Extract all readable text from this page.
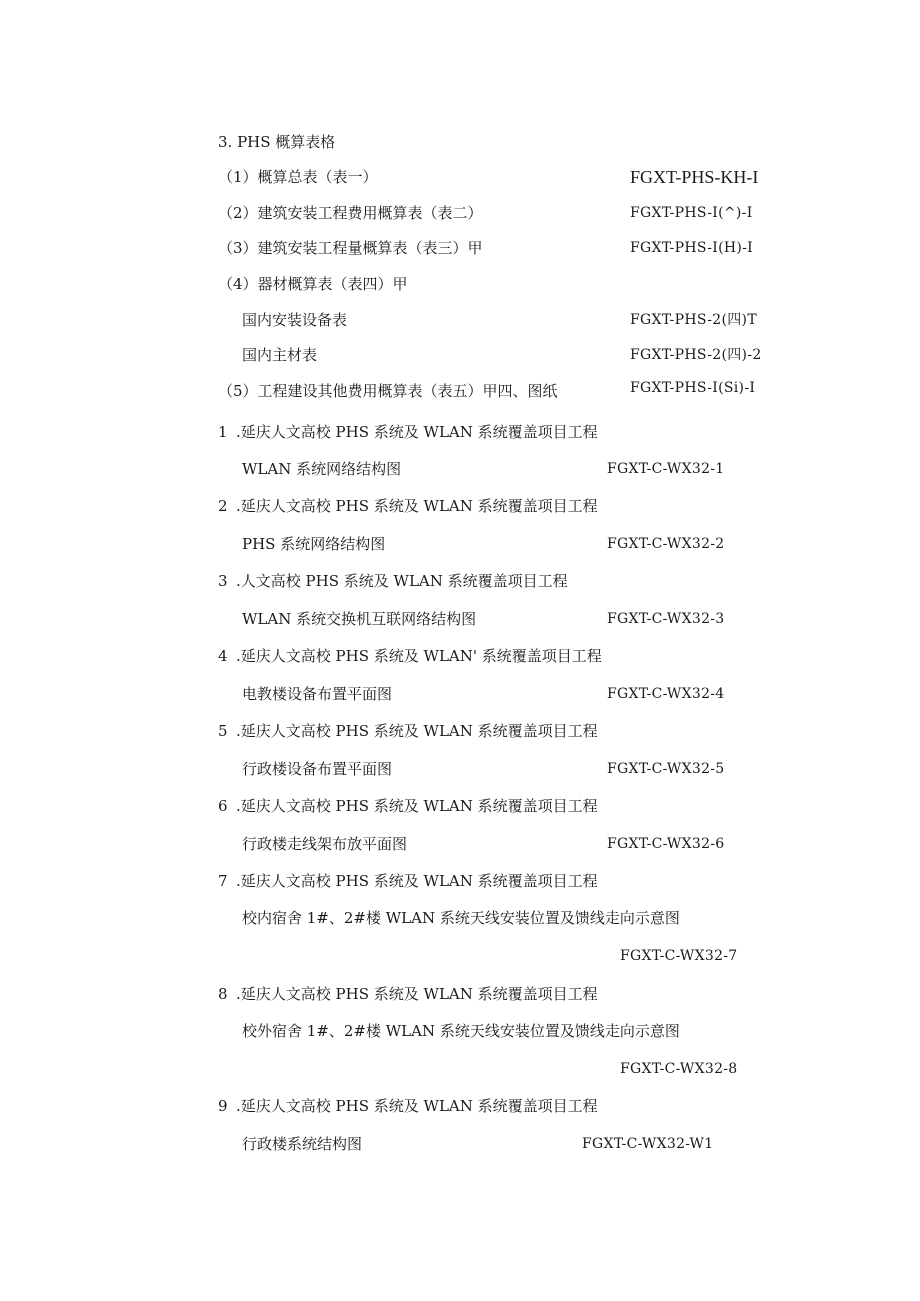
3. PHS 概算表格
（1）概算总表（表一）	FGXT-PHS-KH-I
（2）建筑安装工程费用概算表（表二）	FGXT-PHS-I(^)-I
（3）建筑安装工程量概算表（表三）甲	FGXT-PHS-I(H)-I
（4）器材概算表（表四）甲
国内安装设备表	FGXT-PHS-2(四)T
国内主材表	FGXT-PHS-2(四)-2
（5）工程建设其他费用概算表（表五）甲四、图纸	FGXT-PHS-I(Si)-I
1 .延庆人文高校 PHS 系统及 WLAN 系统覆盖项目工程
WLAN 系统网络结构图	FGXT-C-WX32-1
2 .延庆人文高校 PHS 系统及 WLAN 系统覆盖项目工程
PHS 系统网络结构图	FGXT-C-WX32-2
3 .人文高校 PHS 系统及 WLAN 系统覆盖项目工程
WLAN 系统交换机互联网络结构图	FGXT-C-WX32-3
4 .延庆人文高校 PHS 系统及 WLAN' 系统覆盖项目工程
电教楼设备布置平面图	FGXT-C-WX32-4
5 .延庆人文高校 PHS 系统及 WLAN 系统覆盖项目工程
行政楼设备布置平面图	FGXT-C-WX32-5
6 .延庆人文高校 PHS 系统及 WLAN 系统覆盖项目工程
行政楼走线架布放平面图	FGXT-C-WX32-6
7 .延庆人文高校 PHS 系统及 WLAN 系统覆盖项目工程
校内宿舍 1#、2#楼 WLAN 系统天线安装位置及馈线走向示意图
FGXT-C-WX32-7
8 .延庆人文高校 PHS 系统及 WLAN 系统覆盖项目工程
校外宿舍 1#、2#楼 WLAN 系统天线安装位置及馈线走向示意图
FGXT-C-WX32-8
9 .延庆人文高校 PHS 系统及 WLAN 系统覆盖项目工程
行政楼系统结构图	FGXT-C-WX32-W1
